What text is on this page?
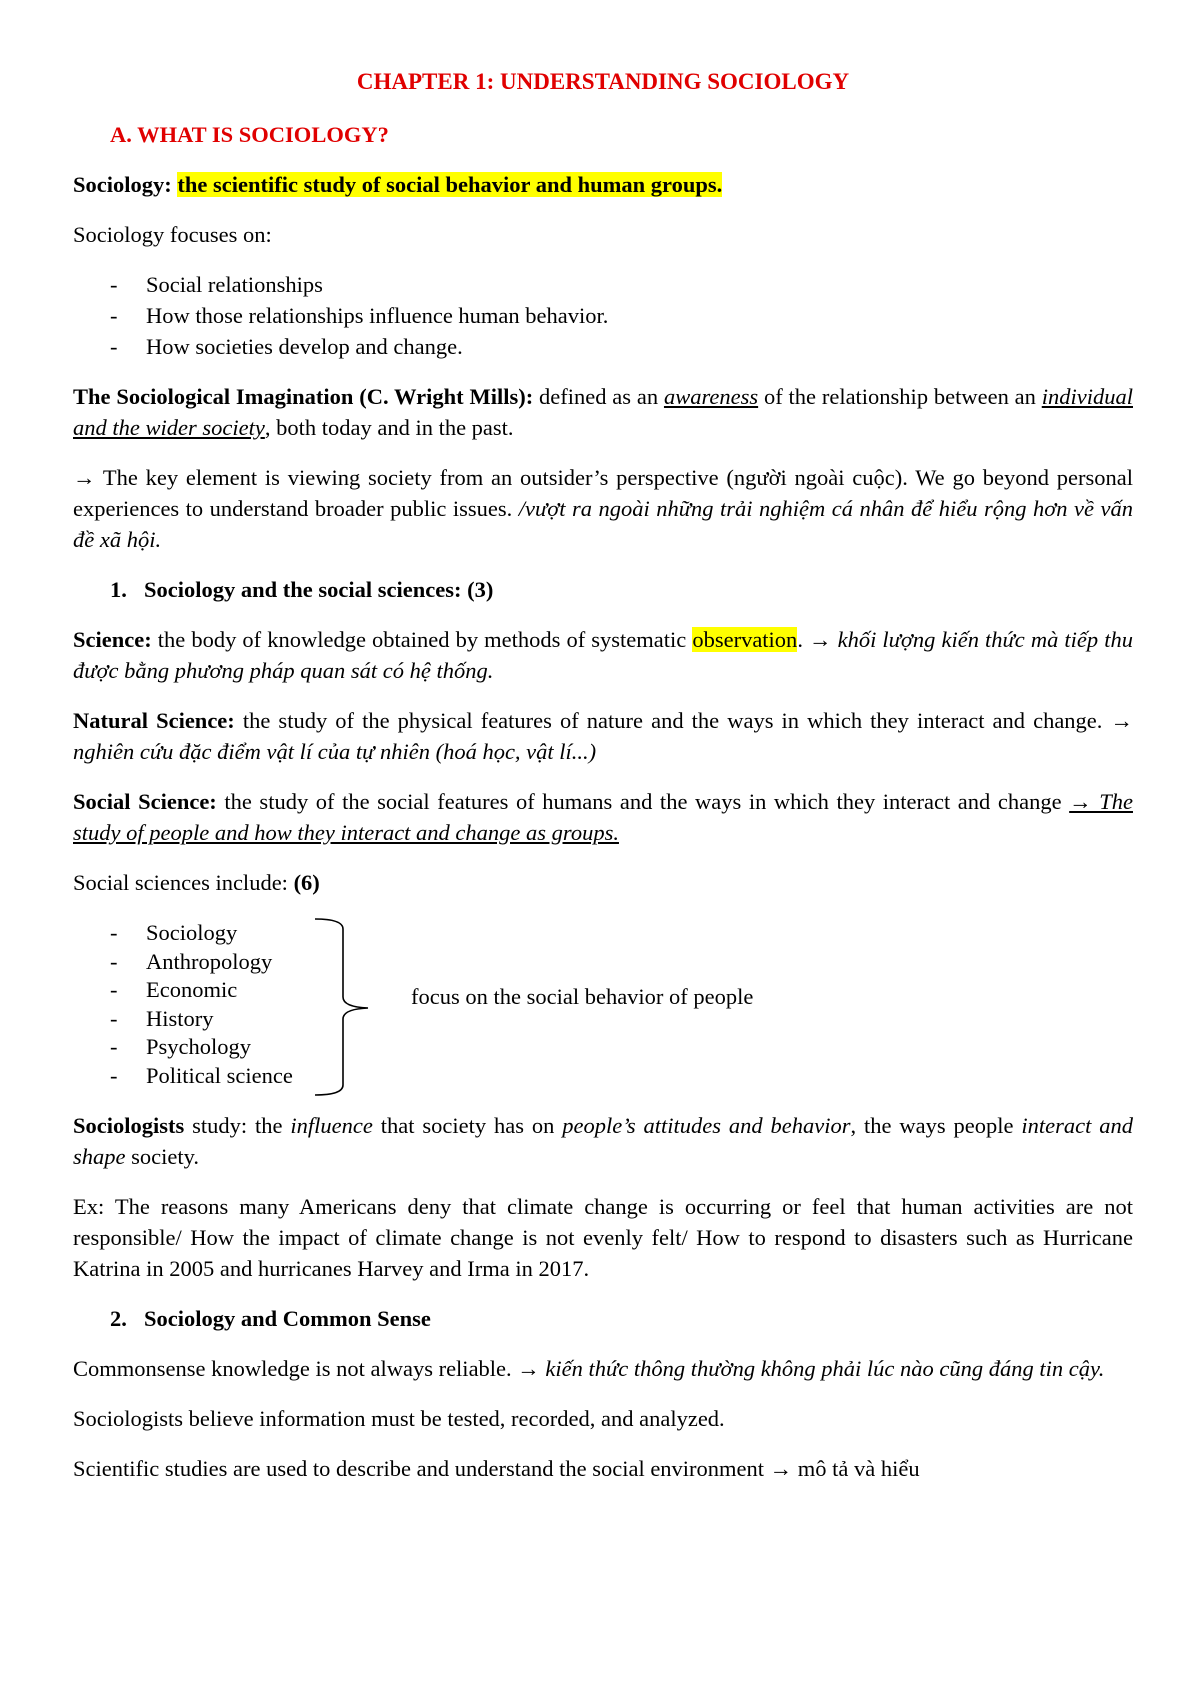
CHAPTER 1: UNDERSTANDING SOCIOLOGY

A. WHAT IS SOCIOLOGY?

Sociology: the scientific study of social behavior and human groups.

Sociology focuses on:

- Social relationships
- How those relationships influence human behavior.
- How societies develop and change.

The Sociological Imagination (C. Wright Mills): defined as an awareness of the relationship between an individual and the wider society, both today and in the past.

→ The key element is viewing society from an outsider’s perspective (người ngoài cuộc). We go beyond personal experiences to understand broader public issues. /vượt ra ngoài những trải nghiệm cá nhân để hiểu rộng hơn về vấn đề xã hội.

1. Sociology and the social sciences: (3)

Science: the body of knowledge obtained by methods of systematic observation. → khối lượng kiến thức mà tiếp thu được bằng phương pháp quan sát có hệ thống.

Natural Science: the study of the physical features of nature and the ways in which they interact and change. → nghiên cứu đặc điểm vật lí của tự nhiên (hoá học, vật lí...)

Social Science: the study of the social features of humans and the ways in which they interact and change → The study of people and how they interact and change as groups.

Social sciences include: (6)

- Sociology
- Anthropology
- Economic
- History
- Psychology
- Political science
focus on the social behavior of people

Sociologists study: the influence that society has on people’s attitudes and behavior, the ways people interact and shape society.

Ex: The reasons many Americans deny that climate change is occurring or feel that human activities are not responsible/ How the impact of climate change is not evenly felt/ How to respond to disasters such as Hurricane Katrina in 2005 and hurricanes Harvey and Irma in 2017.

2. Sociology and Common Sense

Commonsense knowledge is not always reliable. → kiến thức thông thường không phải lúc nào cũng đáng tin cậy.

Sociologists believe information must be tested, recorded, and analyzed.

Scientific studies are used to describe and understand the social environment → mô tả và hiểu
